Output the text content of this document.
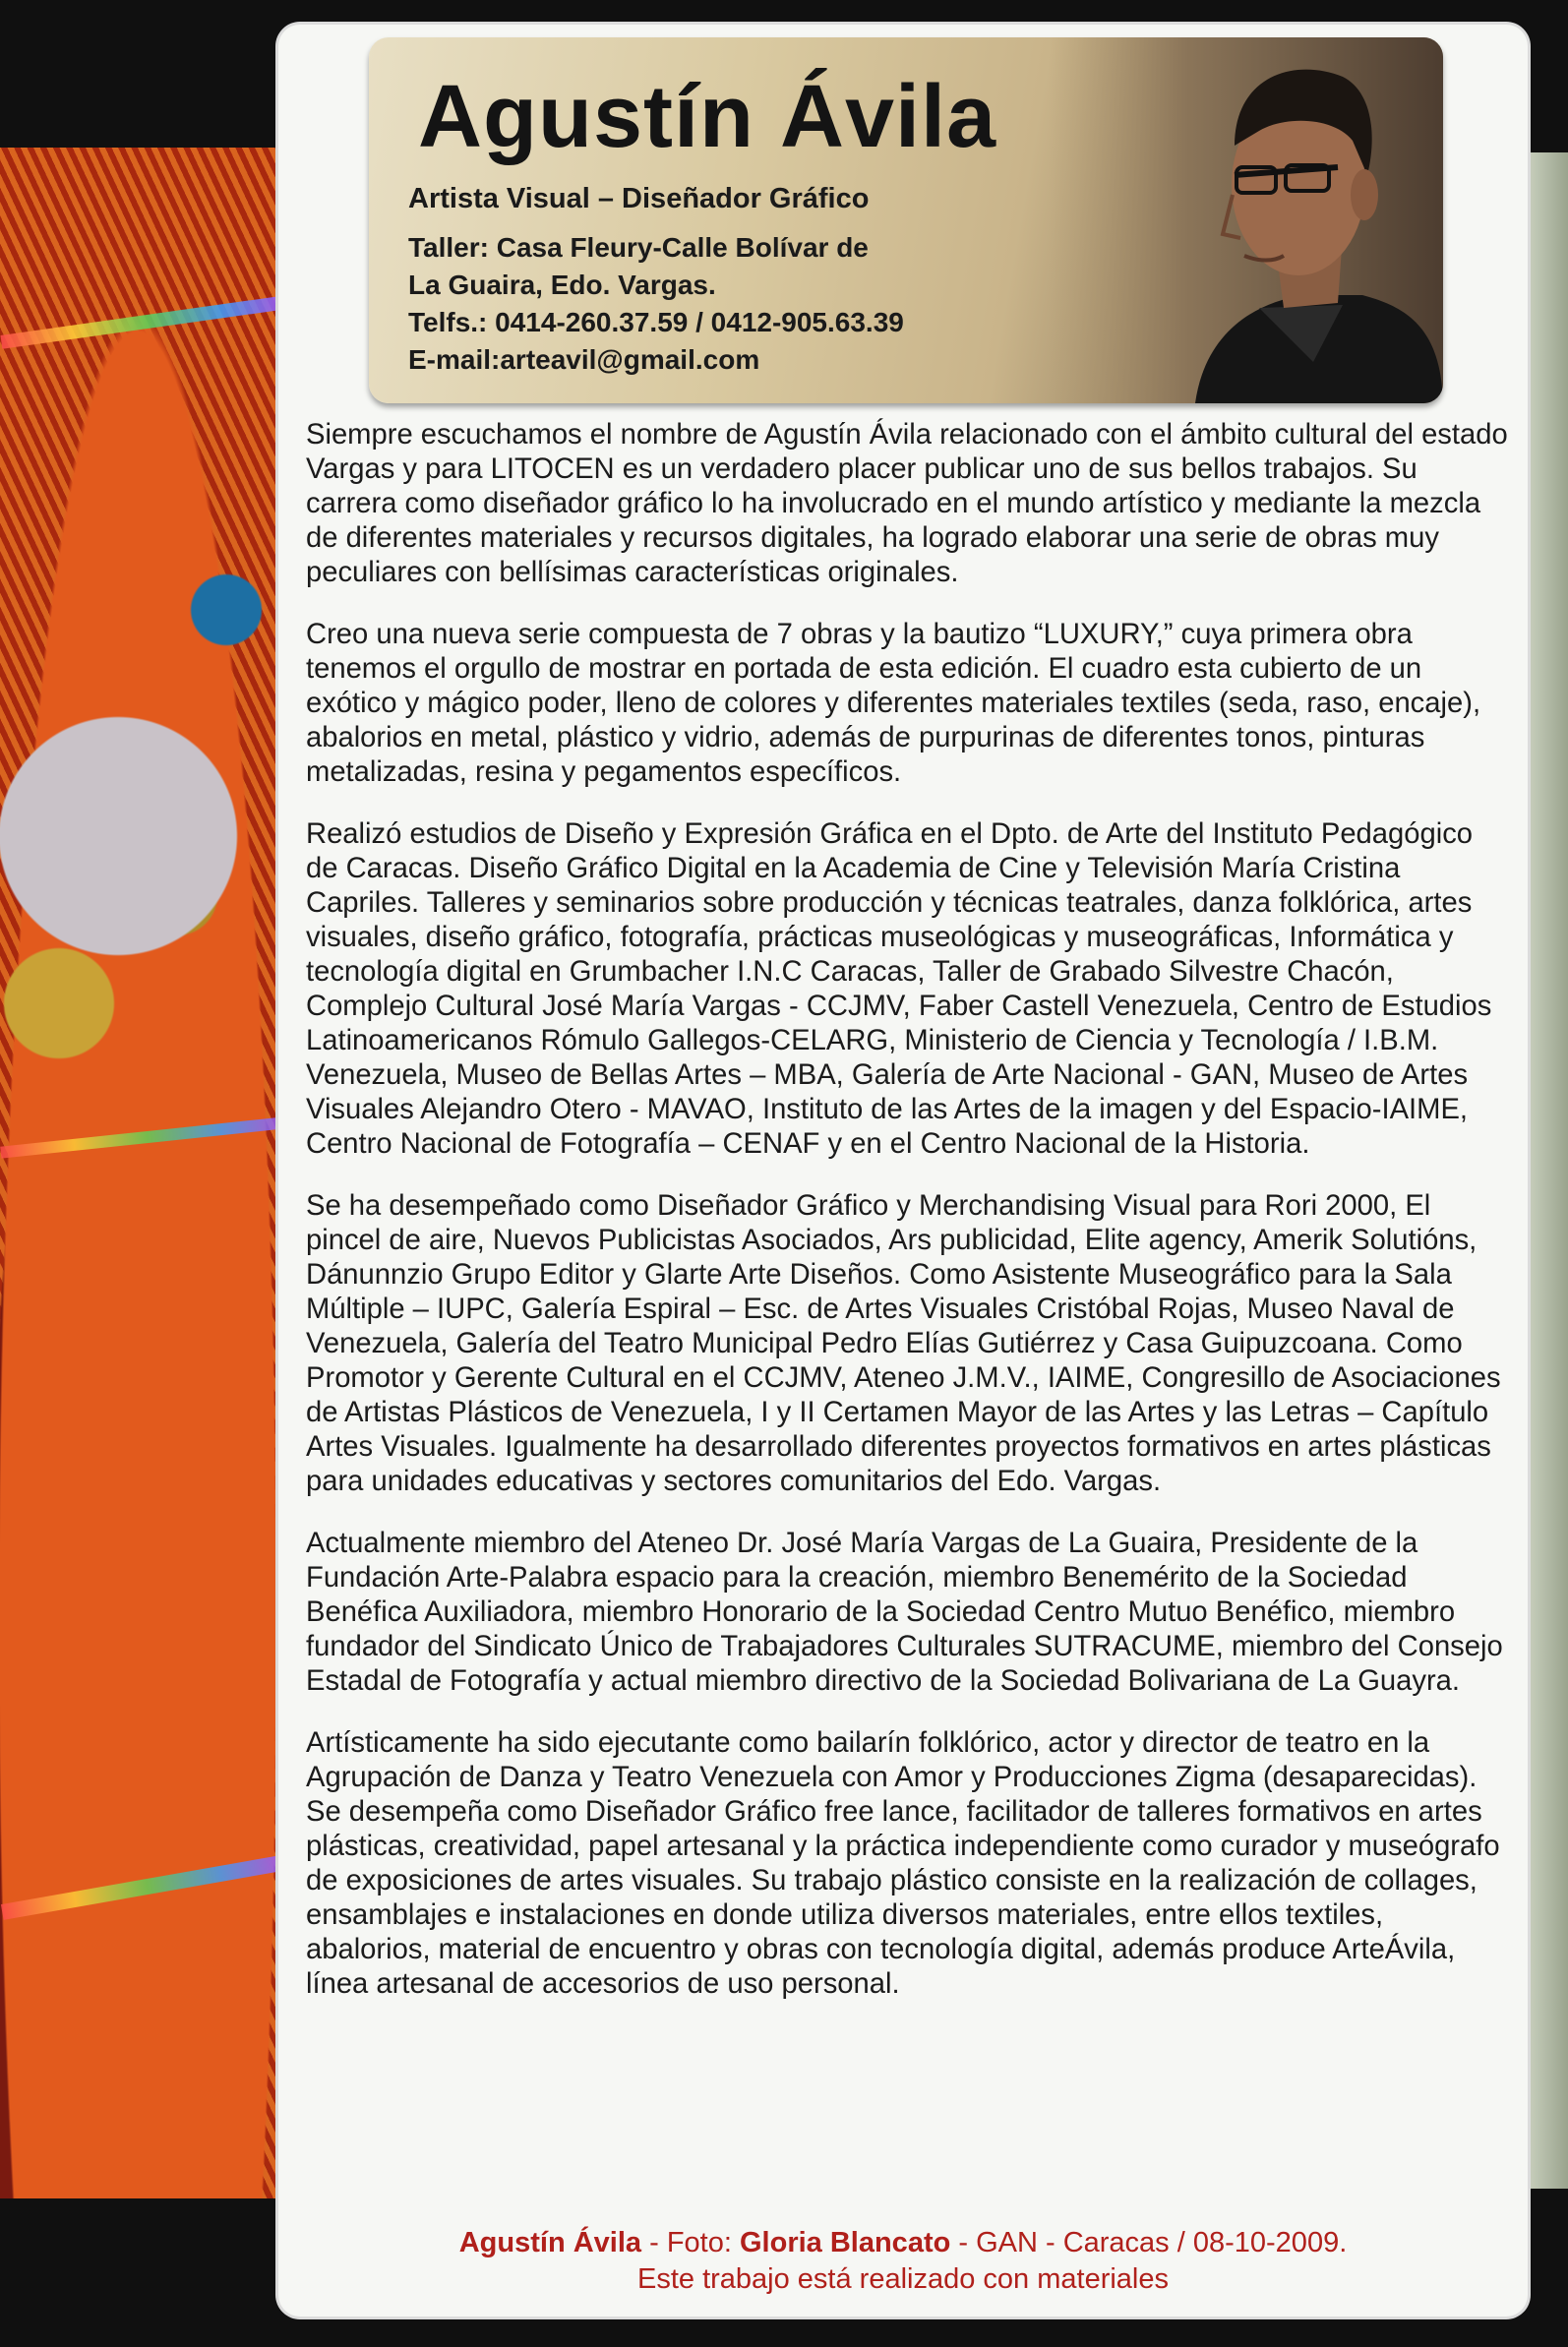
Agustín Ávila
Artista Visual – Diseñador Gráfico
Taller: Casa Fleury-Calle Bolívar de
La Guaira, Edo. Vargas.
Telfs.: 0414-260.37.59 / 0412-905.63.39
E-mail:arteavil@gmail.com

Siempre escuchamos el nombre de Agustín Ávila relacionado con el ámbito cultural del estado Vargas y para LITOCEN es un verdadero placer publicar uno de sus bellos trabajos. Su carrera como diseñador gráfico lo ha involucrado en el mundo artístico y mediante la mezcla de diferentes materiales y recursos digitales, ha logrado elaborar una serie de obras muy peculiares con bellísimas características originales.

Creo una nueva serie compuesta de 7 obras y la bautizo “LUXURY,” cuya primera obra tenemos el orgullo de mostrar en portada de esta edición. El cuadro esta cubierto de un exótico y mágico poder, lleno de colores y diferentes materiales textiles (seda, raso, encaje), abalorios en metal, plástico y vidrio, además de purpurinas de diferentes tonos, pinturas metalizadas, resina y pegamentos específicos.

Realizó estudios de Diseño y Expresión Gráfica en el Dpto. de Arte del Instituto Pedagógico de Caracas. Diseño Gráfico Digital en la Academia de Cine y Televisión María Cristina Capriles. Talleres y seminarios sobre producción y técnicas teatrales, danza folklórica, artes visuales, diseño gráfico, fotografía, prácticas museológicas y museográficas, Informática y tecnología digital en Grumbacher I.N.C Caracas, Taller de Grabado Silvestre Chacón, Complejo Cultural José María Vargas - CCJMV, Faber Castell Venezuela, Centro de Estudios Latinoamericanos Rómulo Gallegos-CELARG, Ministerio de Ciencia y Tecnología / I.B.M. Venezuela, Museo de Bellas Artes – MBA, Galería de Arte Nacional - GAN, Museo de Artes Visuales Alejandro Otero - MAVAO, Instituto de las Artes de la imagen y del Espacio-IAIME, Centro Nacional de Fotografía – CENAF y en el Centro Nacional de la Historia.

Se ha desempeñado como Diseñador Gráfico y Merchandising Visual para Rori 2000, El pincel de aire, Nuevos Publicistas Asociados, Ars publicidad, Elite agency, Amerik Solutións, Dánunnzio Grupo Editor y Glarte Arte Diseños. Como Asistente Museográfico para la Sala Múltiple – IUPC, Galería Espiral – Esc. de Artes Visuales Cristóbal Rojas, Museo Naval de Venezuela, Galería del Teatro Municipal Pedro Elías Gutiérrez y Casa Guipuzcoana. Como Promotor y Gerente Cultural en el CCJMV, Ateneo J.M.V., IAIME, Congresillo de Asociaciones de Artistas Plásticos de Venezuela, I y II Certamen Mayor de las Artes y las Letras – Capítulo Artes Visuales. Igualmente ha desarrollado diferentes proyectos formativos en artes plásticas para unidades educativas y sectores comunitarios del Edo. Vargas.

Actualmente miembro del Ateneo Dr. José María Vargas de La Guaira, Presidente de la Fundación Arte-Palabra espacio para la creación, miembro Benemérito de la Sociedad Benéfica Auxiliadora, miembro Honorario de la Sociedad Centro Mutuo Benéfico, miembro fundador del Sindicato Único de Trabajadores Culturales SUTRACUME, miembro del Consejo Estadal de Fotografía y actual miembro directivo de la Sociedad Bolivariana de La Guayra.

Artísticamente ha sido ejecutante como bailarín folklórico, actor y director de teatro en la Agrupación de Danza y Teatro Venezuela con Amor y Producciones Zigma (desaparecidas). Se desempeña como Diseñador Gráfico free lance, facilitador de talleres formativos en artes plásticas, creatividad, papel artesanal y la práctica independiente como curador y museógrafo de exposiciones de artes visuales. Su trabajo plástico consiste en la realización de collages, ensamblajes e instalaciones en donde utiliza diversos materiales, entre ellos textiles, abalorios, material de encuentro y obras con tecnología digital, además produce ArteÁvila, línea artesanal de accesorios de uso personal.

Agustín Ávila - Foto: Gloria Blancato - GAN - Caracas / 08-10-2009.
Este trabajo está realizado con materiales
